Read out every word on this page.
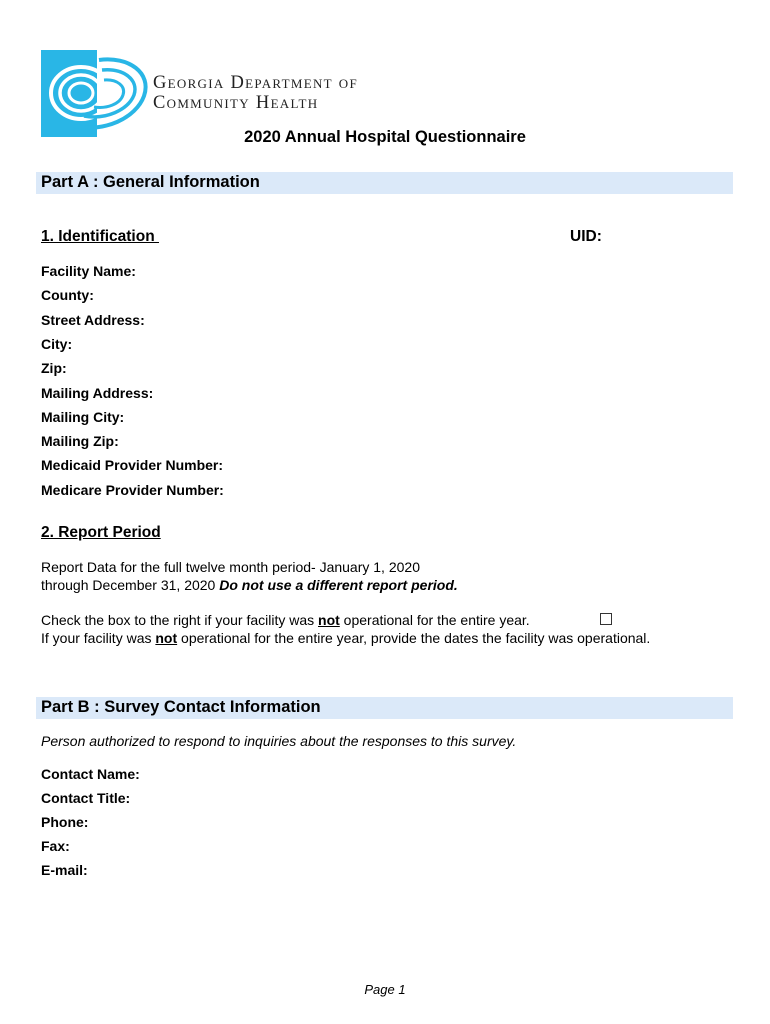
Georgia Department of
Community Health
2020 Annual Hospital Questionnaire
Part A : General Information
1. Identification	UID:
Facility Name:
County:
Street Address:
City:
Zip:
Mailing Address:
Mailing City:
Mailing Zip:
Medicaid Provider Number:
Medicare Provider Number:
2. Report Period
Report Data for the full twelve month period- January 1, 2020
through December 31, 2020 Do not use a different report period.
Check the box to the right if your facility was not operational for the entire year.
If your facility was not operational for the entire year, provide the dates the facility was operational.
Part B : Survey Contact Information
Person authorized to respond to inquiries about the responses to this survey.
Contact Name:
Contact Title:
Phone:
Fax:
E-mail:
Page 1
